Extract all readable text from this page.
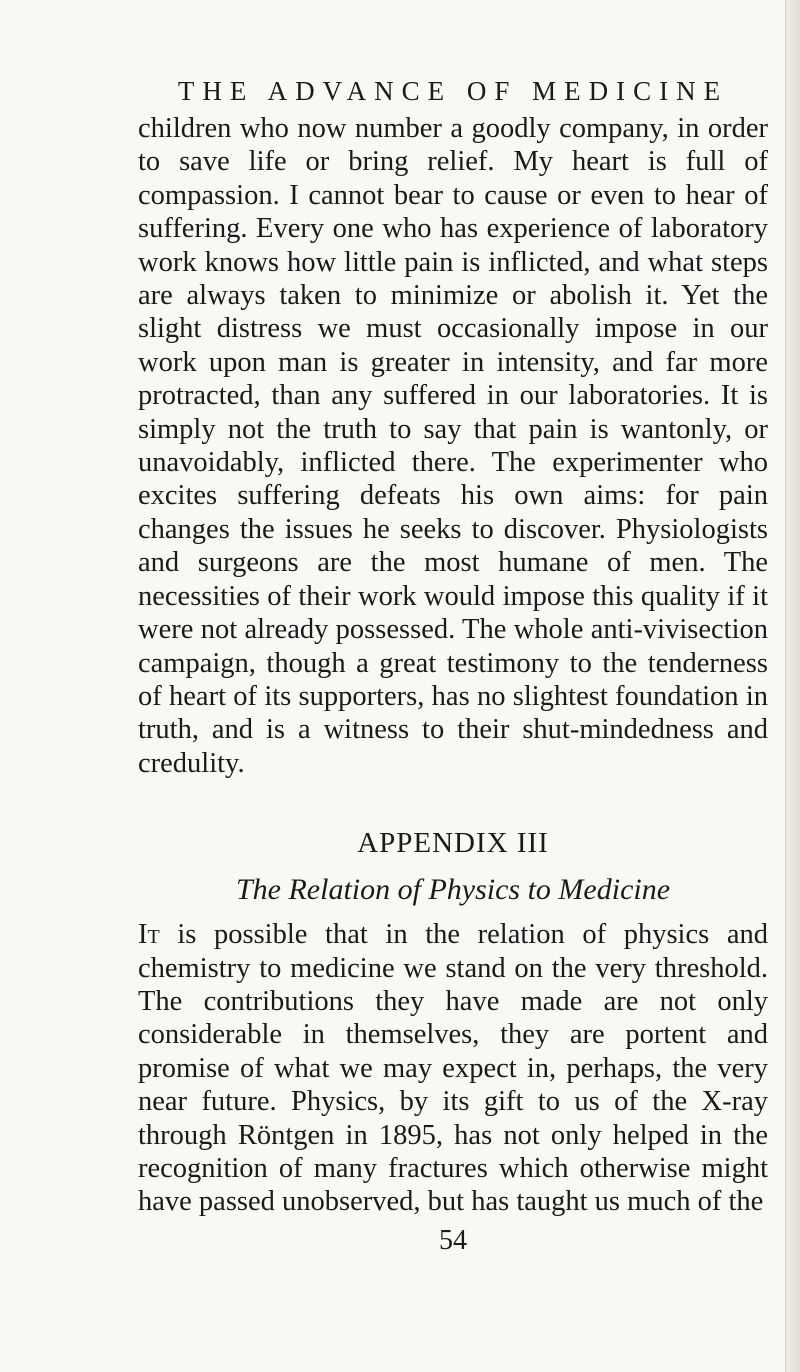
THE ADVANCE OF MEDICINE

children who now number a goodly company, in order to save life or bring relief. My heart is full of compassion. I cannot bear to cause or even to hear of suffering. Every one who has experience of laboratory work knows how little pain is inflicted, and what steps are always taken to minimize or abolish it. Yet the slight distress we must occasionally impose in our work upon man is greater in intensity, and far more protracted, than any suffered in our laboratories. It is simply not the truth to say that pain is wantonly, or unavoidably, inflicted there. The experimenter who excites suffering defeats his own aims: for pain changes the issues he seeks to discover. Physiologists and surgeons are the most humane of men. The necessities of their work would impose this quality if it were not already possessed. The whole anti-vivisection campaign, though a great testimony to the tenderness of heart of its supporters, has no slightest foundation in truth, and is a witness to their shut-mindedness and credulity.

APPENDIX III
The Relation of Physics to Medicine

It is possible that in the relation of physics and chemistry to medicine we stand on the very threshold. The contributions they have made are not only considerable in themselves, they are portent and promise of what we may expect in, perhaps, the very near future. Physics, by its gift to us of the X-ray through Röntgen in 1895, has not only helped in the recognition of many fractures which otherwise might have passed unobserved, but has taught us much of the

54
